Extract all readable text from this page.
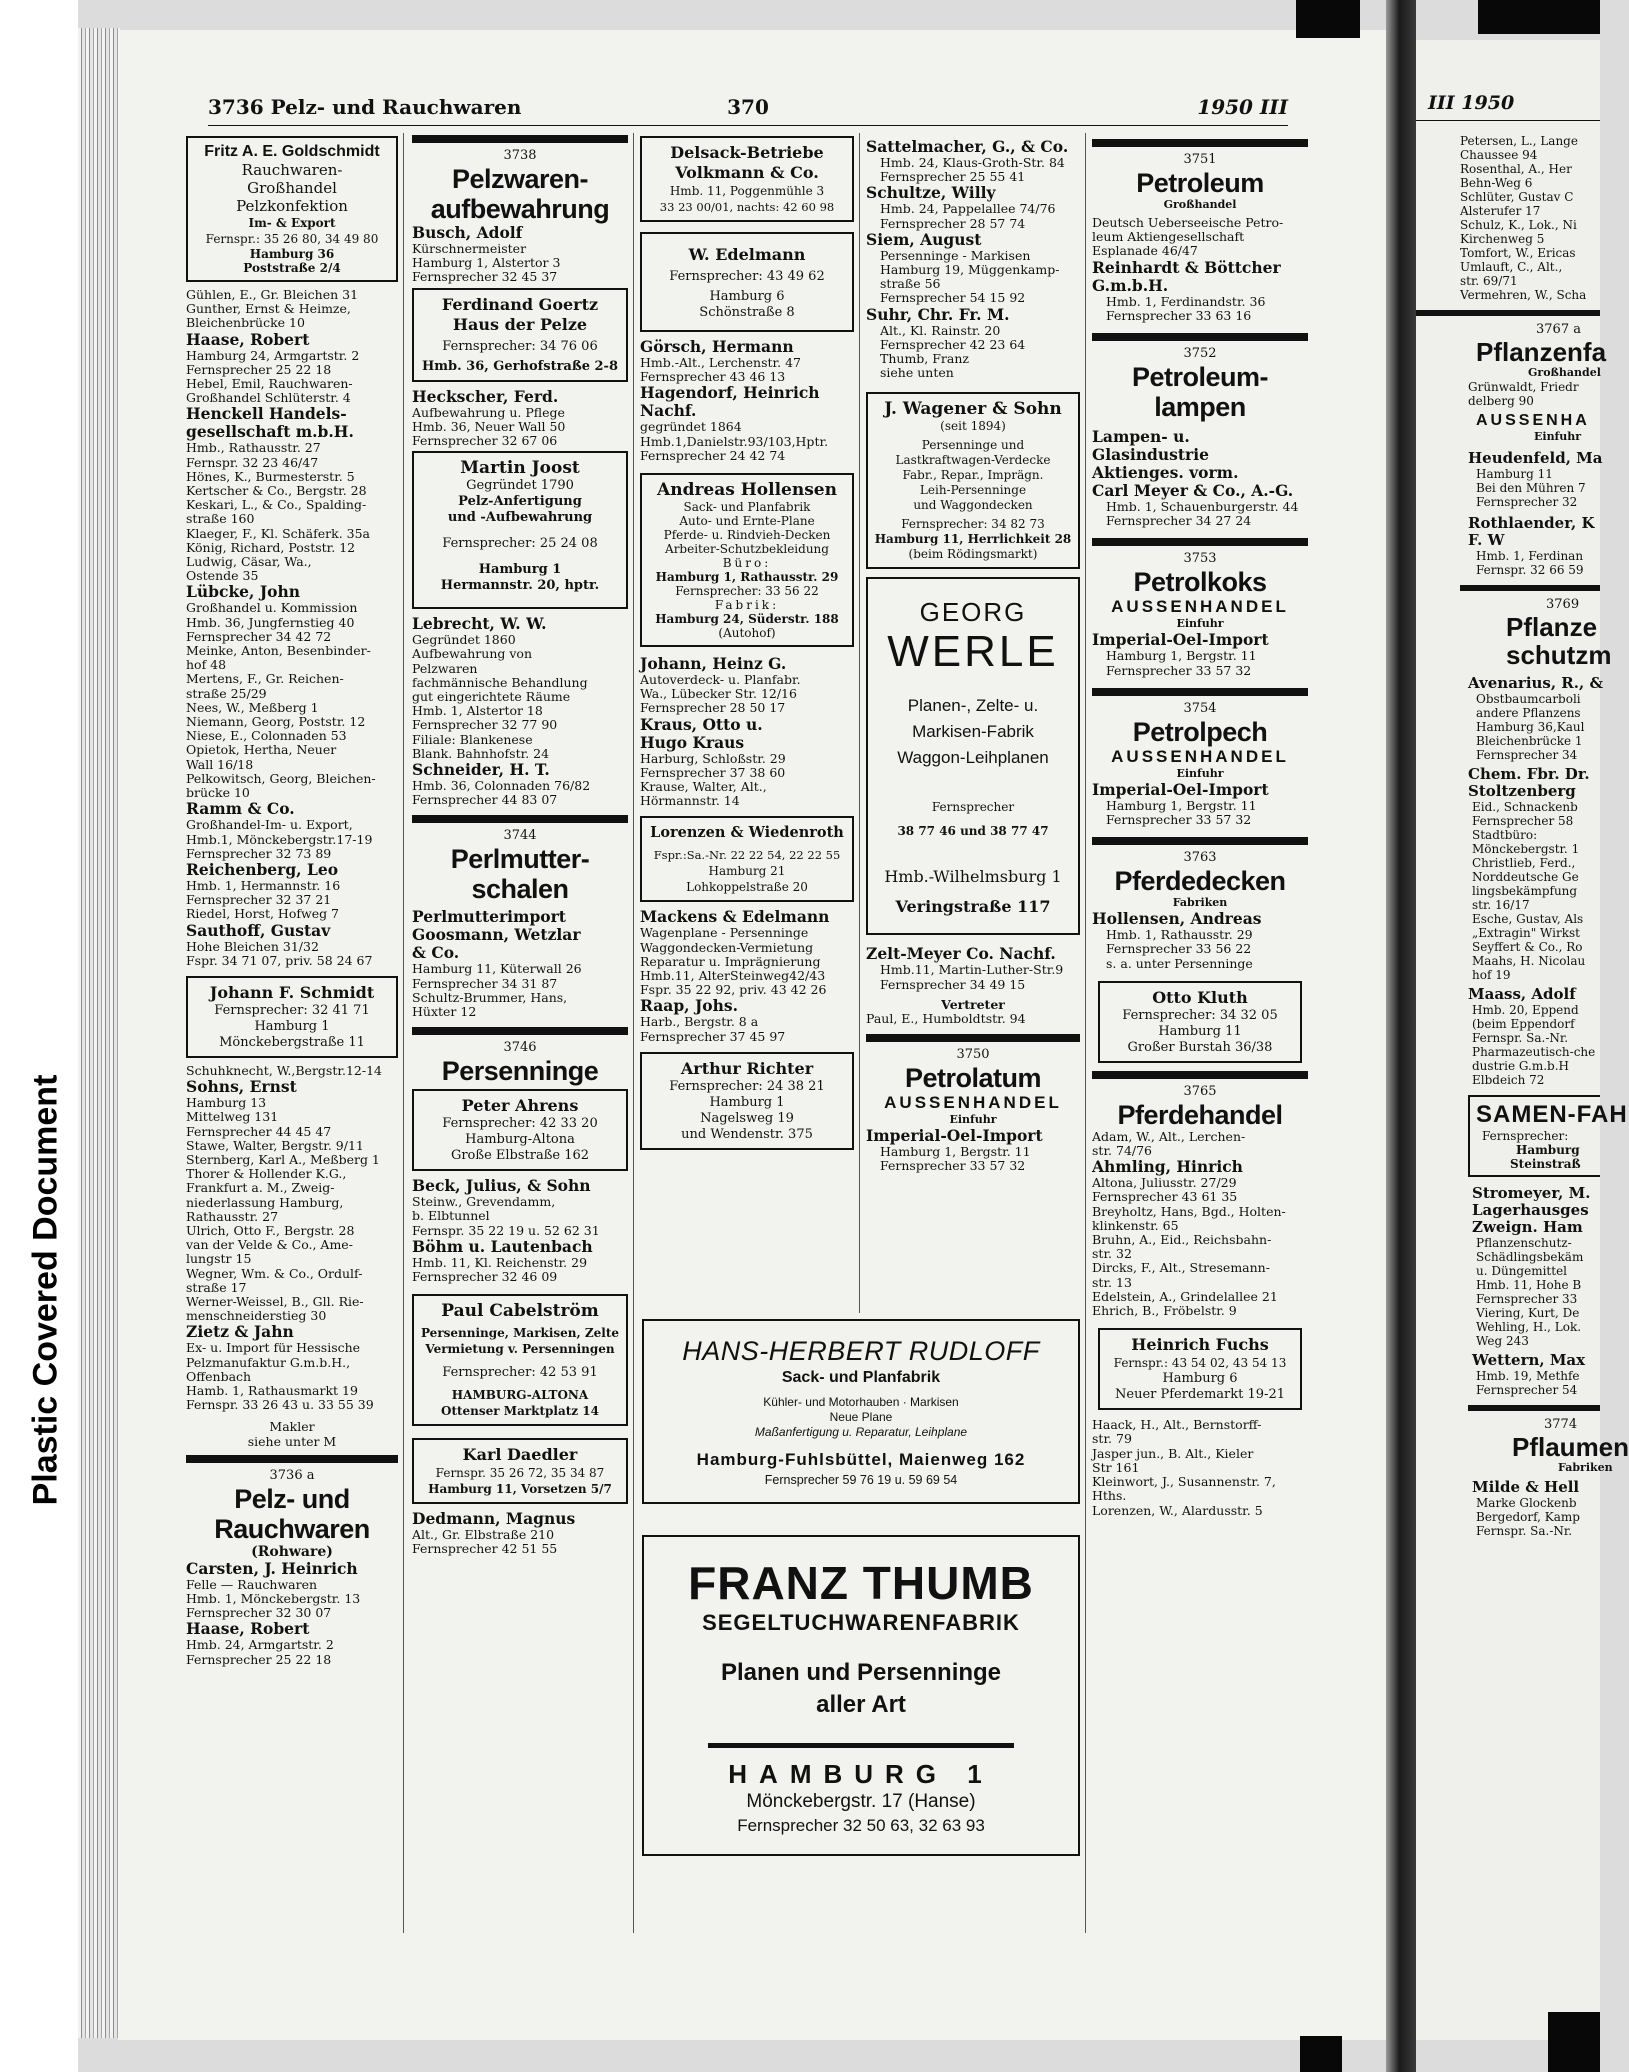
Plastic Covered Document
III 1950
Petersen, L., Lange
Chaussee 94
Rosenthal, A., Her
Behn-Weg 6
Schlüter, Gustav C
Alsterufer 17
Schulz, K., Lok., Ni
Kirchenweg 5
Tomfort, W., Ericas
Umlauft, C., Alt.,
str. 69/71
Vermehren, W., Scha
3767 a
Pflanzenfa
Großhandel
Grünwaldt, Friedr
delberg 90
AUSSENHA
Einfuhr
Heudenfeld, Ma
Hamburg 11
Bei den Mühren 7
Fernsprecher 32
Rothlaender, K
F. W
Hmb. 1, Ferdinan
Fernspr. 32 66 59
3769
Pflanze
schutzm
Avenarius, R., &
Obstbaumcarboli
andere Pflanzens
Hamburg 36,Kaul
Bleichenbrücke 1
Fernsprecher 34
Chem. Fbr. Dr.
Stoltzenberg
Eid., Schnackenb
Fernsprecher 58
Stadtbüro:
Mönckebergstr. 1
Christlieb, Ferd.,
Norddeutsche Ge
lingsbekämpfung
str. 16/17
Esche, Gustav, Als
„Extragin" Wirkst
Seyffert & Co., Ro
Maahs, H. Nicolau
hof 19
Maass, Adolf
Hmb. 20, Eppend
(beim Eppendorf
Fernspr. Sa.-Nr.
Pharmazeutisch-che
dustrie G.m.b.H
Elbdeich 72
SAMEN-FAH
Fernsprecher:
Hamburg
Steinstraß
Stromeyer, M.
Lagerhausges
Zweign. Ham
Pflanzenschutz-
Schädlingsbekäm
u. Düngemittel
Hmb. 11, Hohe B
Fernsprecher 33
Viering, Kurt, De
Wehling, H., Lok.
Weg 243
Wettern, Max
Hmb. 19, Methfe
Fernsprecher 54
3774
Pflaumen
Fabriken
Milde & Hell
Marke Glockenb
Bergedorf, Kamp
Fernspr. Sa.-Nr.
3736 Pelz- und Rauchwaren	370	1950 III
Fritz A. E. Goldschmidt
Rauchwaren-
Großhandel
Pelzkonfektion
Im- & Export
Fernspr.: 35 26 80, 34 49 80
Hamburg 36
Poststraße 2/4
Gühlen, E., Gr. Bleichen 31
Gunther, Ernst & Heimze,
Bleichenbrücke 10
Haase, Robert
Hamburg 24, Armgartstr. 2
Fernsprecher 25 22 18
Hebel, Emil, Rauchwaren-
Großhandel Schlüterstr. 4
Henckell Handels-
gesellschaft m.b.H.
Hmb., Rathausstr. 27
Fernspr. 32 23 46/47
Hönes, K., Burmesterstr. 5
Kertscher & Co., Bergstr. 28
Keskari, L., & Co., Spalding-
straße 160
Klaeger, F., Kl. Schäferk. 35a
König, Richard, Poststr. 12
Ludwig, Cäsar, Wa.,
Ostende 35
Lübcke, John
Großhandel u. Kommission
Hmb. 36, Jungfernstieg 40
Fernsprecher 34 42 72
Meinke, Anton, Besenbinder-
hof 48
Mertens, F., Gr. Reichen-
straße 25/29
Nees, W., Meßberg 1
Niemann, Georg, Poststr. 12
Niese, E., Colonnaden 53
Opietok, Hertha, Neuer
Wall 16/18
Pelkowitsch, Georg, Bleichen-
brücke 10
Ramm & Co.
Großhandel-Im- u. Export,
Hmb.1, Mönckebergstr.17-19
Fernsprecher 32 73 89
Reichenberg, Leo
Hmb. 1, Hermannstr. 16
Fernsprecher 32 37 21
Riedel, Horst, Hofweg 7
Sauthoff, Gustav
Hohe Bleichen 31/32
Fspr. 34 71 07, priv. 58 24 67
Johann F. Schmidt
Fernsprecher: 32 41 71
Hamburg 1
Mönckebergstraße 11
Schuhknecht, W.,Bergstr.12-14
Sohns, Ernst
Hamburg 13
Mittelweg 131
Fernsprecher 44 45 47
Stawe, Walter, Bergstr. 9/11
Sternberg, Karl A., Meßberg 1
Thorer & Hollender K.G.,
Frankfurt a. M., Zweig-
niederlassung Hamburg,
Rathausstr. 27
Ulrich, Otto F., Bergstr. 28
van der Velde & Co., Ame-
lungstr 15
Wegner, Wm. & Co., Ordulf-
straße 17
Werner-Weissel, B., Gll. Rie-
menschneiderstieg 30
Zietz & Jahn
Ex- u. Import für Hessische
Pelzmanufaktur G.m.b.H.,
Offenbach
Hamb. 1, Rathausmarkt 19
Fernspr. 33 26 43 u. 33 55 39
Makler
siehe unter M
3736 a
Pelz- und
Rauchwaren
(Rohware)
Carsten, J. Heinrich
Felle — Rauchwaren
Hmb. 1, Mönckebergstr. 13
Fernsprecher 32 30 07
Haase, Robert
Hmb. 24, Armgartstr. 2
Fernsprecher 25 22 18
3738
Pelzwaren-
aufbewahrung
Busch, Adolf
Kürschnermeister
Hamburg 1, Alstertor 3
Fernsprecher 32 45 37
Ferdinand Goertz
Haus der Pelze
Fernsprecher: 34 76 06
Hmb. 36, Gerhofstraße 2-8
Heckscher, Ferd.
Aufbewahrung u. Pflege
Hmb. 36, Neuer Wall 50
Fernsprecher 32 67 06
Martin Joost
Gegründet 1790
Pelz-Anfertigung
und -Aufbewahrung
Fernsprecher: 25 24 08
Hamburg 1
Hermannstr. 20, hptr.
Lebrecht, W. W.
Gegründet 1860
Aufbewahrung von
Pelzwaren
fachmännische Behandlung
gut eingerichtete Räume
Hmb. 1, Alstertor 18
Fernsprecher 32 77 90
Filiale: Blankenese
Blank. Bahnhofstr. 24
Schneider, H. T.
Hmb. 36, Colonnaden 76/82
Fernsprecher 44 83 07
3744
Perlmutter-
schalen
Perlmutterimport
Goosmann, Wetzlar
& Co.
Hamburg 11, Küterwall 26
Fernsprecher 34 31 87
Schultz-Brummer, Hans,
Hüxter 12
3746
Persenninge
Peter Ahrens
Fernsprecher: 42 33 20
Hamburg-Altona
Große Elbstraße 162
Beck, Julius, & Sohn
Steinw., Grevendamm,
b. Elbtunnel
Fernspr. 35 22 19 u. 52 62 31
Böhm u. Lautenbach
Hmb. 11, Kl. Reichenstr. 29
Fernsprecher 32 46 09
Paul Cabelström
Persenninge, Markisen, Zelte
Vermietung v. Persenningen
Fernsprecher: 42 53 91
HAMBURG-ALTONA
Ottenser Marktplatz 14
Karl Daedler
Fernspr. 35 26 72, 35 34 87
Hamburg 11, Vorsetzen 5/7
Dedmann, Magnus
Alt., Gr. Elbstraße 210
Fernsprecher 42 51 55
Delsack-Betriebe
Volkmann & Co.
Hmb. 11, Poggenmühle 3
33 23 00/01, nachts: 42 60 98
W. Edelmann
Fernsprecher: 43 49 62
Hamburg 6
Schönstraße 8
Görsch, Hermann
Hmb.-Alt., Lerchenstr. 47
Fernsprecher 43 46 13
Hagendorf, Heinrich
Nachf.
gegründet 1864
Hmb.1,Danielstr.93/103,Hptr.
Fernsprecher 24 42 74
Andreas Hollensen
Sack- und Planfabrik
Auto- und Ernte-Plane
Pferde- u. Rindvieh-Decken
Arbeiter-Schutzbekleidung
Büro:
Hamburg 1, Rathausstr. 29
Fernsprecher: 33 56 22
Fabrik:
Hamburg 24, Süderstr. 188
(Autohof)
Johann, Heinz G.
Autoverdeck- u. Planfabr.
Wa., Lübecker Str. 12/16
Fernsprecher 28 50 17
Kraus, Otto u.
Hugo Kraus
Harburg, Schloßstr. 29
Fernsprecher 37 38 60
Krause, Walter, Alt.,
Hörmannstr. 14
Lorenzen & Wiedenroth
Fspr.:Sa.-Nr. 22 22 54, 22 22 55
Hamburg 21
Lohkoppelstraße 20
Mackens & Edelmann
Wagenplane - Persenninge
Waggondecken-Vermietung
Reparatur u. Imprägnierung
Hmb.11, AlterSteinweg42/43
Fspr. 35 22 92, priv. 43 42 26
Raap, Johs.
Harb., Bergstr. 8 a
Fernsprecher 37 45 97
Arthur Richter
Fernsprecher: 24 38 21
Hamburg 1
Nagelsweg 19
und Wendenstr. 375
Sattelmacher, G., & Co.
Hmb. 24, Klaus-Groth-Str. 84
Fernsprecher 25 55 41
Schultze, Willy
Hmb. 24, Pappelallee 74/76
Fernsprecher 28 57 74
Siem, August
Persenninge - Markisen
Hamburg 19, Müggenkamp-
straße 56
Fernsprecher 54 15 92
Suhr, Chr. Fr. M.
Alt., Kl. Rainstr. 20
Fernsprecher 42 23 64
Thumb, Franz
siehe unten
J. Wagener & Sohn
(seit 1894)
Persenninge und
Lastkraftwagen-Verdecke
Fabr., Repar., Imprägn.
Leih-Persenninge
und Waggondecken
Fernsprecher: 34 82 73
Hamburg 11, Herrlichkeit 28
(beim Rödingsmarkt)
GEORG
WERLE
Planen-, Zelte- u.
Markisen-Fabrik
Waggon-Leihplanen
Fernsprecher
38 77 46 und 38 77 47
Hmb.-Wilhelmsburg 1
Veringstraße 117
Zelt-Meyer Co. Nachf.
Hmb.11, Martin-Luther-Str.9
Fernsprecher 34 49 15
Vertreter
Paul, E., Humboldtstr. 94
3750
Petrolatum
AUSSENHANDEL
Einfuhr
Imperial-Oel-Import
Hamburg 1, Bergstr. 11
Fernsprecher 33 57 32
HANS-HERBERT RUDLOFF
Sack- und Planfabrik
Kühler- und Motorhauben · Markisen
Neue Plane
Maßanfertigung u. Reparatur, Leihplane
Hamburg-Fuhlsbüttel, Maienweg 162
Fernsprecher 59 76 19 u. 59 69 54
FRANZ THUMB
SEGELTUCHWARENFABRIK
Planen und Persenninge
aller Art
HAMBURG 1
Mönckebergstr. 17 (Hanse)
Fernsprecher 32 50 63, 32 63 93
3751
Petroleum
Großhandel
Deutsch Ueberseeische Petro-
leum Aktiengesellschaft
Esplanade 46/47
Reinhardt & Böttcher
G.m.b.H.
Hmb. 1, Ferdinandstr. 36
Fernsprecher 33 63 16
3752
Petroleum-
lampen
Lampen- u.
Glasindustrie
Aktienges. vorm.
Carl Meyer & Co., A.-G.
Hmb. 1, Schauenburgerstr. 44
Fernsprecher 34 27 24
3753
Petrolkoks
AUSSENHANDEL
Einfuhr
Imperial-Oel-Import
Hamburg 1, Bergstr. 11
Fernsprecher 33 57 32
3754
Petrolpech
AUSSENHANDEL
Einfuhr
Imperial-Oel-Import
Hamburg 1, Bergstr. 11
Fernsprecher 33 57 32
3763
Pferdedecken
Fabriken
Hollensen, Andreas
Hmb. 1, Rathausstr. 29
Fernsprecher 33 56 22
s. a. unter Persenninge
Otto Kluth
Fernsprecher: 34 32 05
Hamburg 11
Großer Burstah 36/38
3765
Pferdehandel
Adam, W., Alt., Lerchen-
str. 74/76
Ahmling, Hinrich
Altona, Juliusstr. 27/29
Fernsprecher 43 61 35
Breyholtz, Hans, Bgd., Holten-
klinkenstr. 65
Bruhn, A., Eid., Reichsbahn-
str. 32
Dircks, F., Alt., Stresemann-
str. 13
Edelstein, A., Grindelallee 21
Ehrich, B., Fröbelstr. 9
Heinrich Fuchs
Fernspr.: 43 54 02, 43 54 13
Hamburg 6
Neuer Pferdemarkt 19-21
Haack, H., Alt., Bernstorff-
str. 79
Jasper jun., B. Alt., Kieler
Str 161
Kleinwort, J., Susannenstr. 7,
Hths.
Lorenzen, W., Alardusstr. 5
